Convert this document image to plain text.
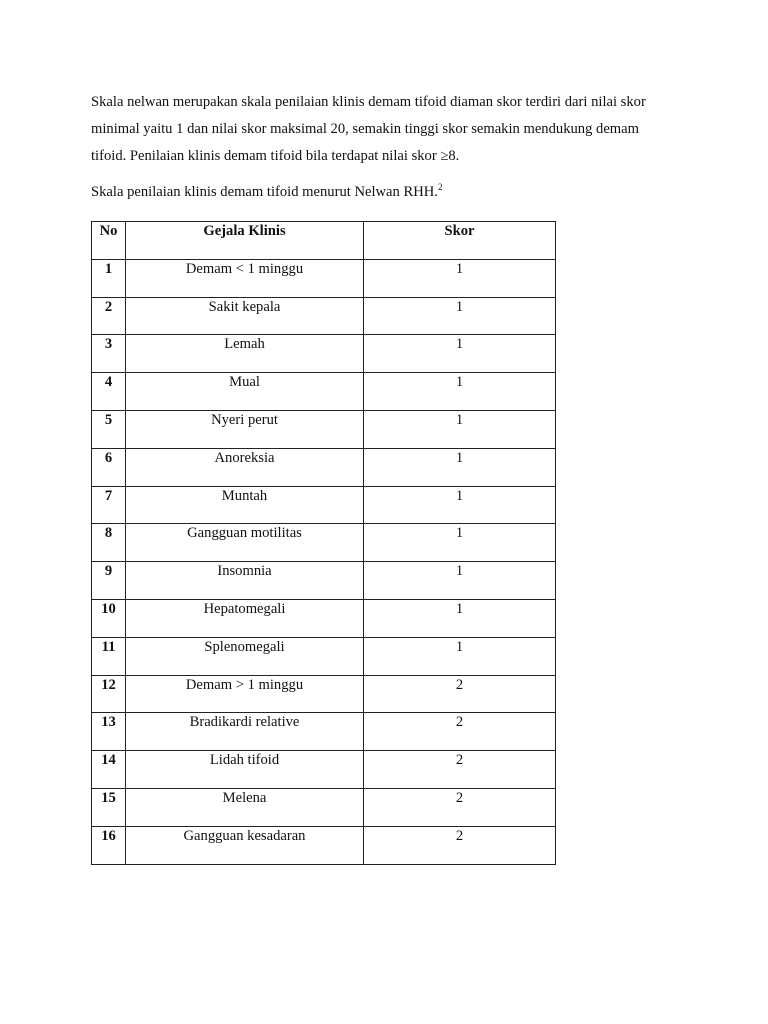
Skala nelwan merupakan skala penilaian klinis demam tifoid diaman skor terdiri dari nilai skor
minimal yaitu 1 dan nilai skor maksimal 20, semakin tinggi skor semakin mendukung demam
tifoid. Penilaian klinis demam tifoid bila terdapat nilai skor ≥8.

Skala penilaian klinis demam tifoid menurut Nelwan RHH.$^2$

No	Gejala Klinis	Skor

1	Demam < 1 minggu	1

2	Sakit kepala	1

3	Lemah	1

4	Mual	1

5	Nyeri perut	1

6	Anoreksia	1

7	Muntah	1

8	Gangguan motilitas	1

9	Insomnia	1

10	Hepatomegali	1

11	Splenomegali	1

12	Demam > 1 minggu	2

13	Bradikardi relative	2

14	Lidah tifoid	2

15	Melena	2

16	Gangguan kesadaran	2
